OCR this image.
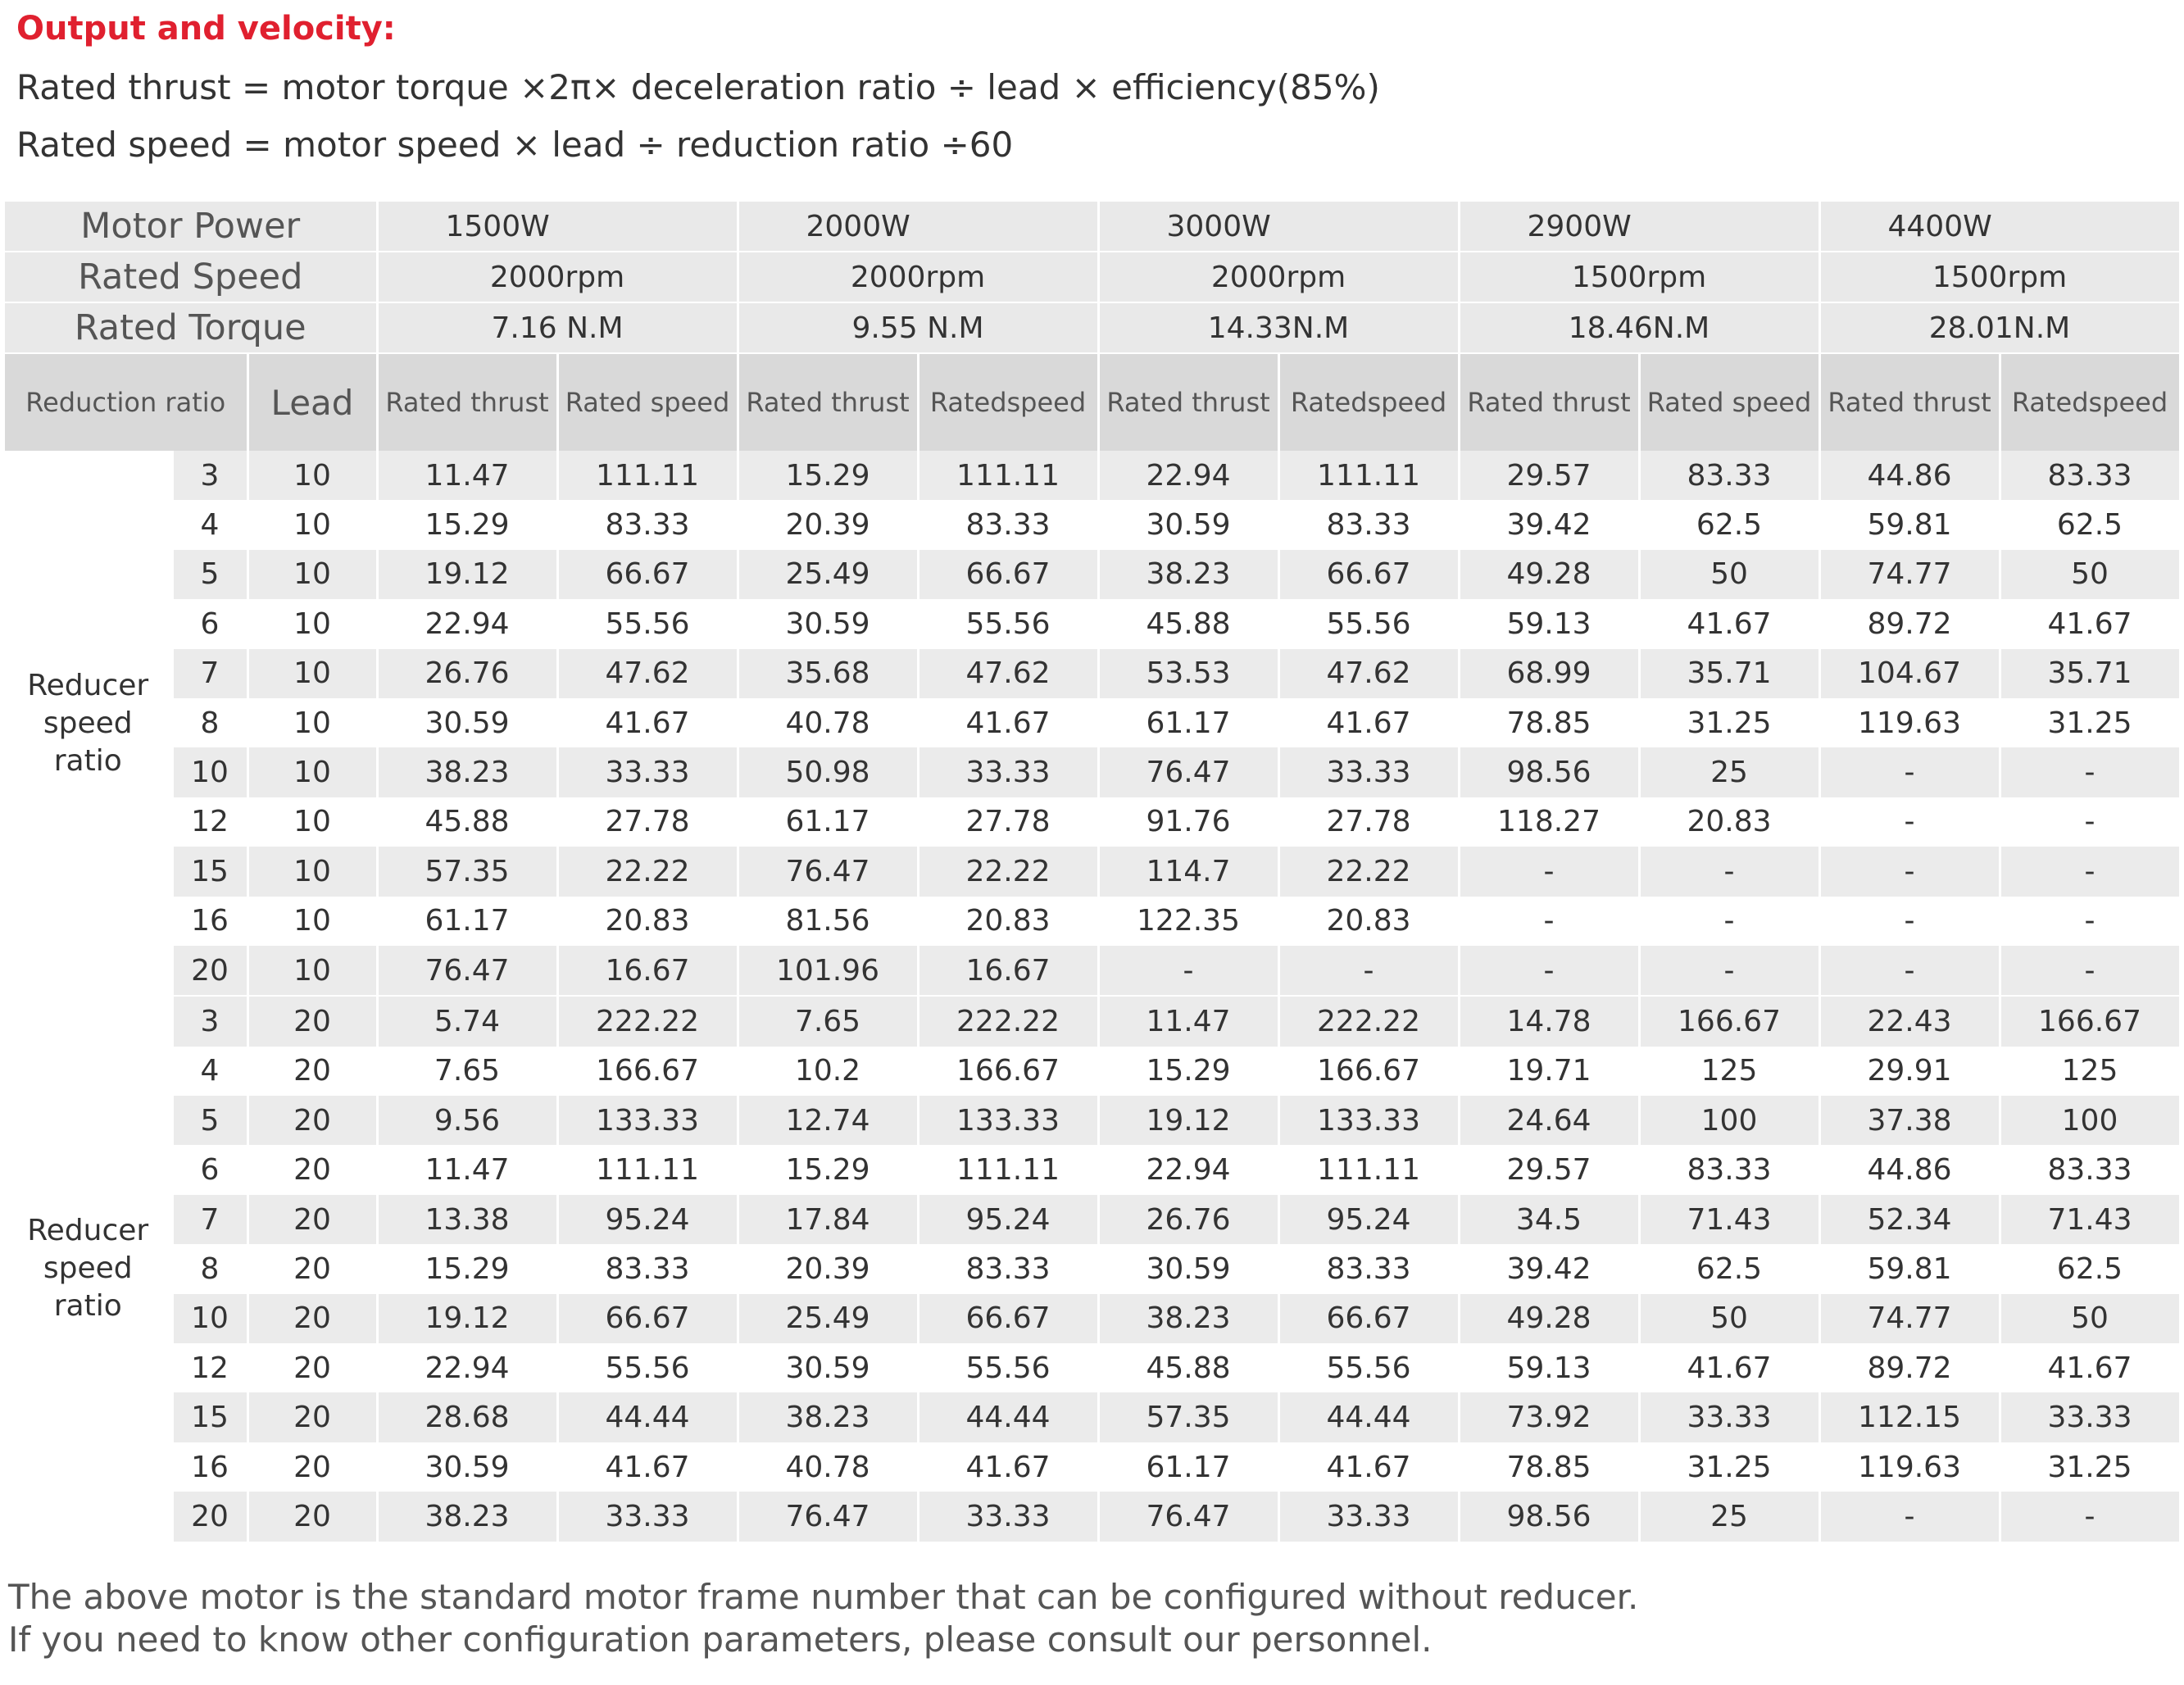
Output and velocity:
Rated thrust = motor torque ×2π× deceleration ratio ÷ lead × efficiency(85%)
Rated speed = motor speed × lead ÷ reduction ratio ÷60
Motor Power			1500W		2000W		3000W		2900W		4400W	
Rated Speed			2000rpm		2000rpm		2000rpm		1500rpm		1500rpm	
Rated Torque			7.16 N.M		9.55 N.M		14.33N.M		18.46N.M		28.01N.M	
Reduction ratio		Lead	Rated thrust	Rated speed	Rated thrust	Ratedspeed	Rated thrust	Ratedspeed	Rated thrust	Rated speed	Rated thrust	Ratedspeed
Reducer speed ratio	3	10	11.47	111.11	15.29	111.11	22.94	111.11	29.57	83.33	44.86	83.33
	4	10	15.29	83.33	20.39	83.33	30.59	83.33	39.42	62.5	59.81	62.5
	5	10	19.12	66.67	25.49	66.67	38.23	66.67	49.28	50	74.77	50
	6	10	22.94	55.56	30.59	55.56	45.88	55.56	59.13	41.67	89.72	41.67
	7	10	26.76	47.62	35.68	47.62	53.53	47.62	68.99	35.71	104.67	35.71
	8	10	30.59	41.67	40.78	41.67	61.17	41.67	78.85	31.25	119.63	31.25
	10	10	38.23	33.33	50.98	33.33	76.47	33.33	98.56	25	-	-
	12	10	45.88	27.78	61.17	27.78	91.76	27.78	118.27	20.83	-	-
	15	10	57.35	22.22	76.47	22.22	114.7	22.22	-	-	-	-
	16	10	61.17	20.83	81.56	20.83	122.35	20.83	-	-	-	-
	20	10	76.47	16.67	101.96	16.67	-	-	-	-	-	-
Reducer speed ratio	3	20	5.74	222.22	7.65	222.22	11.47	222.22	14.78	166.67	22.43	166.67
	4	20	7.65	166.67	10.2	166.67	15.29	166.67	19.71	125	29.91	125
	5	20	9.56	133.33	12.74	133.33	19.12	133.33	24.64	100	37.38	100
	6	20	11.47	111.11	15.29	111.11	22.94	111.11	29.57	83.33	44.86	83.33
	7	20	13.38	95.24	17.84	95.24	26.76	95.24	34.5	71.43	52.34	71.43
	8	20	15.29	83.33	20.39	83.33	30.59	83.33	39.42	62.5	59.81	62.5
	10	20	19.12	66.67	25.49	66.67	38.23	66.67	49.28	50	74.77	50
	12	20	22.94	55.56	30.59	55.56	45.88	55.56	59.13	41.67	89.72	41.67
	15	20	28.68	44.44	38.23	44.44	57.35	44.44	73.92	33.33	112.15	33.33
	16	20	30.59	41.67	40.78	41.67	61.17	41.67	78.85	31.25	119.63	31.25
	20	20	38.23	33.33	76.47	33.33	76.47	33.33	98.56	25	-	-
The above motor is the standard motor frame number that can be configured without reducer.
If you need to know other configuration parameters, please consult our personnel.
